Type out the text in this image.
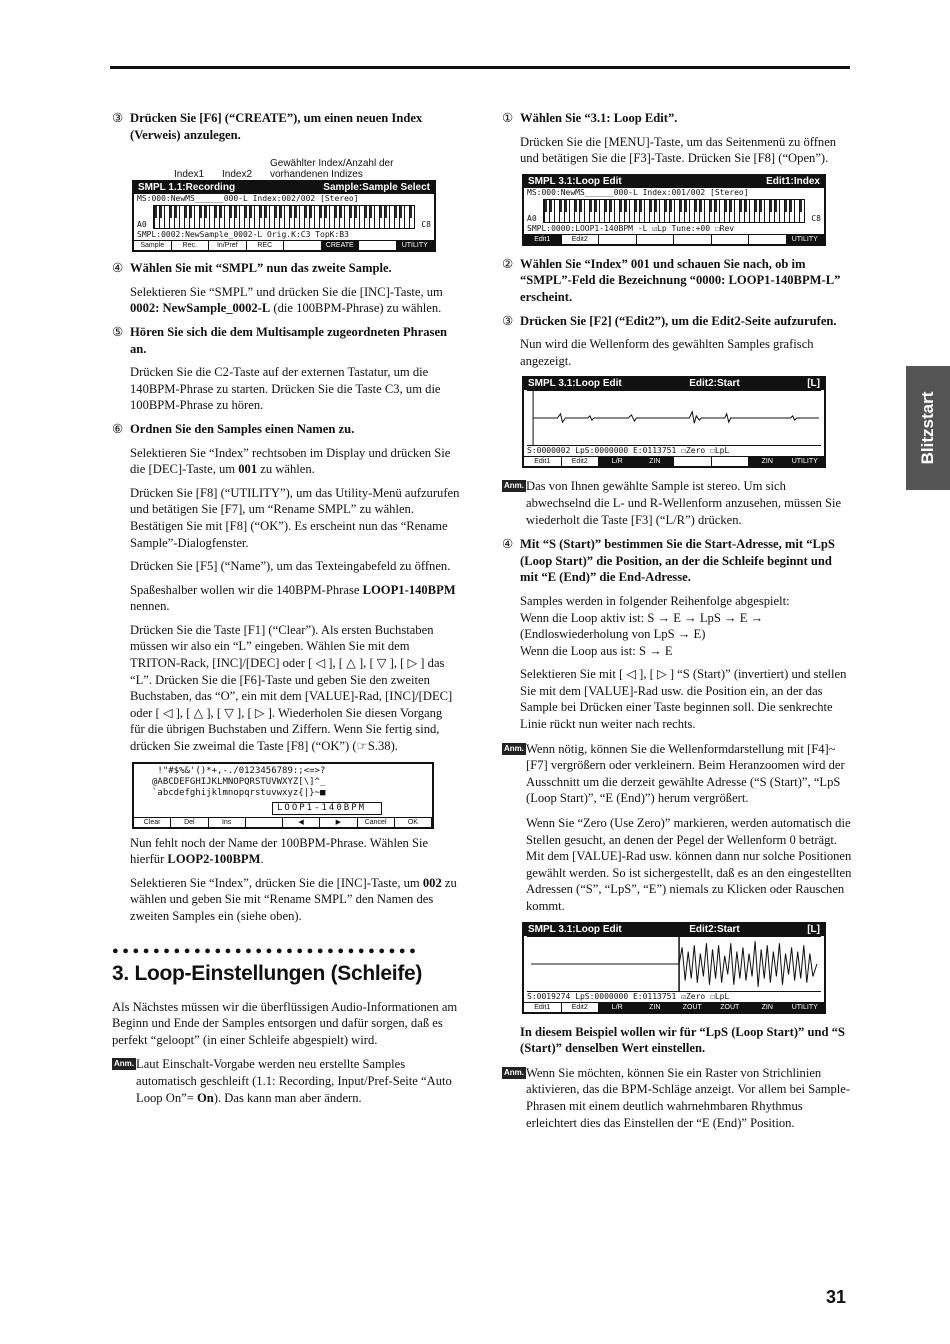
Blitzstart
③ Drücken Sie [F6] (“CREATE”), um einen neuen Index (Verweis) anzulegen.
Index1 Index2
Gewählter Index/Anzahl der
vorhandenen Indizes
SMPL 1.1:Recording	Sample:Sample Select
MS:000:NewMS______000-L Index:002/002 [Stereo]
A0	C8
SMPL:0002:NewSample_0002-L Orig.K:C3 TopK:B3
Sample	Rec.	In/Pref	REC	CREATE	UTILITY
④ Wählen Sie mit “SMPL” nun das zweite Sample.

Selektieren Sie “SMPL” und drücken Sie die [INC]-Taste, um 0002: NewSample_0002-L (die 100BPM-Phrase) zu wählen.

⑤ Hören Sie sich die dem Multisample zugeordneten Phrasen an.

Drücken Sie die C2-Taste auf der externen Tastatur, um die 140BPM-Phrase zu starten. Drücken Sie die Taste C3, um die 100BPM-Phrase zu hören.

⑥ Ordnen Sie den Samples einen Namen zu.

Selektieren Sie “Index” rechtsoben im Display und drücken Sie die [DEC]-Taste, um 001 zu wählen.

Drücken Sie [F8] (“UTILITY”), um das Utility-Menü aufzurufen und betätigen Sie [F7], um “Rename SMPL” zu wählen. Bestätigen Sie mit [F8] (“OK”). Es erscheint nun das “Rename Sample”-Dialogfenster.

Drücken Sie [F5] (“Name”), um das Texteingabefeld zu öffnen.

Spaßeshalber wollen wir die 140BPM-Phrase LOOP1-140BPM nennen.

Drücken Sie die Taste [F1] (“Clear”). Als ersten Buchstaben müssen wir also ein “L” eingeben. Wählen Sie mit dem TRITON-Rack, [INC]/[DEC] oder [ ◁ ], [ △ ], [ ▽ ], [ ▷ ] das “L”. Drücken Sie die [F6]-Taste und geben Sie den zweiten Buchstaben, das “O”, ein mit dem [VALUE]-Rad, [INC]/[DEC] oder [ ◁ ], [ △ ], [ ▽ ], [ ▷ ]. Wiederholen Sie diesen Vorgang für die übrigen Buchstaben und Ziffern. Wenn Sie fertig sind, drücken Sie zweimal die Taste [F8] (“OK”) (☞S.38).

!"#$%&'()*+,-./0123456789:;<=>?
@ABCDEFGHIJKLMNOPQRSTUVWXYZ[\]^_
`abcdefghijklmnopqrstuvwxyz{|}~■
LOOP1-140BPM
Clear	Del	Ins	◀	▶	Cancel	OK

Nun fehlt noch der Name der 100BPM-Phrase. Wählen Sie hierfür LOOP2-100BPM.

Selektieren Sie “Index”, drücken Sie die [INC]-Taste, um 002 zu wählen und geben Sie mit “Rename SMPL” den Namen des zweiten Samples ein (siehe oben).

●●●●●●●●●●●●●●●●●●●●●●●●●●●●●●
3. Loop-Einstellungen (Schleife)

Als Nächstes müssen wir die überflüssigen Audio-Informationen am Beginn und Ende der Samples entsorgen und dafür sorgen, daß es perfekt “geloopt” (in einer Schleife abgespielt) wird.

Anm. Laut Einschalt-Vorgabe werden neu erstellte Samples automatisch geschleift (1.1: Recording, Input/Pref-Seite “Auto Loop On”= On). Das kann man aber ändern.
① Wählen Sie “3.1: Loop Edit”.

Drücken Sie die [MENU]-Taste, um das Seitenmenü zu öffnen und betätigen Sie die [F3]-Taste. Drücken Sie [F8] (“Open”).

SMPL 3.1:Loop Edit	Edit1:Index
MS:000:NewMS______000-L Index:001/002 [Stereo]
A0	C8
SMPL:0000:LOOP1-140BPM -L ☑Lp Tune:+00 ☐Rev
Edit1	Edit2	UTILITY
② Wählen Sie “Index” 001 und schauen Sie nach, ob im “SMPL”-Feld die Bezeichnung “0000: LOOP1-140BPM-L” erscheint.
③ Drücken Sie [F2] (“Edit2”), um die Edit2-Seite aufzurufen.

Nun wird die Wellenform des gewählten Samples grafisch angezeigt.

SMPL 3.1:Loop Edit	Edit2:Start	[L]
S:0000002 LpS:0000000 E:0113751 ☐Zero ☐LpL
Edit1	Edit2	L/R	ZIN	ZIN	UTILITY
Anm. Das von Ihnen gewählte Sample ist stereo. Um sich abwechselnd die L- und R-Wellenform anzusehen, müssen Sie wiederholt die Taste [F3] (“L/R”) drücken.
④ Mit “S (Start)” bestimmen Sie die Start-Adresse, mit “LpS (Loop Start)” die Position, an der die Schleife beginnt und mit “E (End)” die End-Adresse.

Samples werden in folgender Reihenfolge abgespielt:

Wenn die Loop aktiv ist: S → E → LpS → E → (Endloswiederholung von LpS → E)

Wenn die Loop aus ist: S → E

Selektieren Sie mit [ ◁ ], [ ▷ ] “S (Start)” (invertiert) und stellen Sie mit dem [VALUE]-Rad usw. die Position ein, an der das Sample bei Drücken einer Taste beginnen soll. Die senkrechte Linie rückt nun weiter nach rechts.

Anm. Wenn nötig, können Sie die Wellenformdarstellung mit [F4]~[F7] vergrößern oder verkleinern. Beim Heranzoomen wird der Ausschnitt um die derzeit gewählte Adresse (“S (Start)”, “LpS (Loop Start)”, “E (End)”) herum vergrößert.

Wenn Sie “Zero (Use Zero)” markieren, werden automatisch die Stellen gesucht, an denen der Pegel der Wellenform 0 beträgt. Mit dem [VALUE]-Rad usw. können dann nur solche Positionen gewählt werden. So ist sichergestellt, daß es an den eingestellten Adressen (“S”, “LpS”, “E”) niemals zu Klicken oder Rauschen kommt.

SMPL 3.1:Loop Edit	Edit2:Start	[L]
S:0019274 LpS:0000000 E:0113751 ☑Zero ☐LpL
Edit1	Edit2	L/R	ZIN	ZOUT	ZOUT	ZIN	UTILITY

In diesem Beispiel wollen wir für “LpS (Loop Start)” und “S (Start)” denselben Wert einstellen.

Anm. Wenn Sie möchten, können Sie ein Raster von Strichlinien aktivieren, das die BPM-Schläge anzeigt. Vor allem bei Sample-Phrasen mit einem deutlich wahrnehmbaren Rhythmus erleichtert dies das Einstellen der “E (End)” Position.
31
